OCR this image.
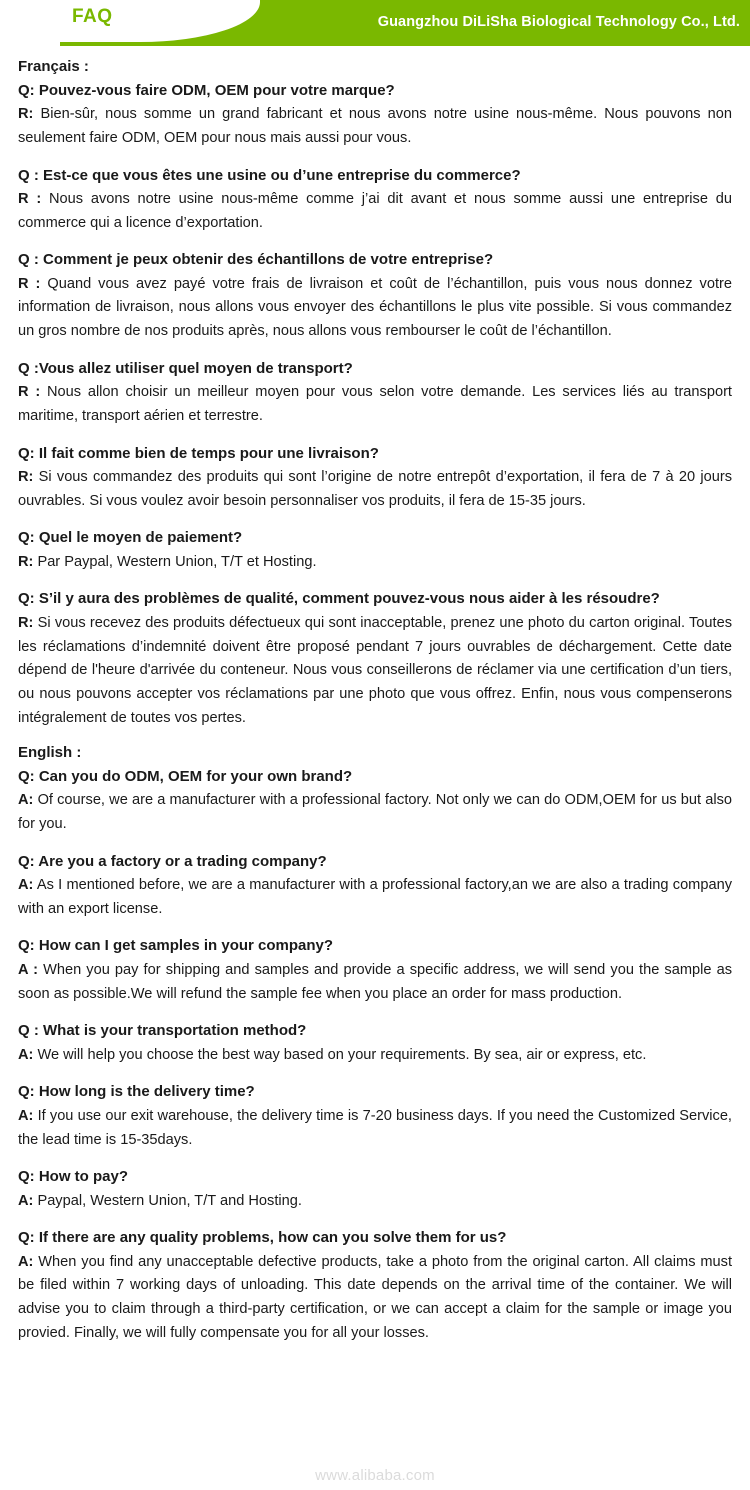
FAQ	Guangzhou DiLiSha Biological Technology Co., Ltd.
Français :

Q: Pouvez-vous faire ODM, OEM pour votre marque?

R: Bien-sûr, nous somme un grand fabricant et nous avons notre usine nous-même. Nous pouvons non seulement faire ODM, OEM pour nous mais aussi pour vous.

Q : Est-ce que vous êtes une usine ou d’une entreprise du commerce?

R : Nous avons notre usine nous-même comme j’ai dit avant et nous somme aussi une entreprise du commerce qui a licence d’exportation.

Q : Comment je peux obtenir des échantillons de votre entreprise?

R : Quand vous avez payé votre frais de livraison et coût de l’échantillon, puis vous nous donnez votre information de livraison, nous allons vous envoyer des échantillons le plus vite possible. Si vous commandez un gros nombre de nos produits après, nous allons vous rembourser le coût de l’échantillon.

Q :Vous allez utiliser quel moyen de transport?

R : Nous allon choisir un meilleur moyen pour vous selon votre demande. Les services liés au transport maritime, transport aérien et terrestre.

Q: Il fait comme bien de temps pour une livraison?

R: Si vous commandez des produits qui sont l’origine de notre entrepôt d’exportation, il fera de 7 à 20 jours ouvrables. Si vous voulez avoir besoin personnaliser vos produits, il fera de 15-35 jours.

Q: Quel le moyen de paiement?

R: Par Paypal, Western Union, T/T et Hosting.

Q: S’il y aura des problèmes de qualité, comment pouvez-vous nous aider à les résoudre?

R: Si vous recevez des produits défectueux qui sont inacceptable, prenez une photo du carton original. Toutes les réclamations d’indemnité doivent être proposé pendant 7 jours ouvrables de déchargement. Cette date dépend de l'heure d'arrivée du conteneur. Nous vous conseillerons de réclamer via une certification d’un tiers, ou nous pouvons accepter vos réclamations par une photo que vous offrez. Enfin, nous vous compenserons intégralement de toutes vos pertes.

English :

Q: Can you do ODM, OEM for your own brand?

A: Of course, we are a manufacturer with a professional factory. Not only we can do ODM,OEM for us but also for you.

Q: Are you a factory or a trading company?

A: As I mentioned before, we are a manufacturer with a professional factory,an we are also a trading company with an export license.

Q: How can I get samples in your company?

A : When you pay for shipping and samples and provide a specific address, we will send you the sample as soon as possible.We will refund the sample fee when you place an order for mass production.

Q : What is your transportation method?

A: We will help you choose the best way based on your requirements. By sea, air or express, etc.

Q: How long is the delivery time?

A: If you use our exit warehouse, the delivery time is 7-20 business days. If you need the Customized Service, the lead time is 15-35days.

Q: How to pay?

A: Paypal, Western Union, T/T and Hosting.

Q: If there are any quality problems, how can you solve them for us?

A: When you find any unacceptable defective products, take a photo from the original carton. All claims must be filed within 7 working days of unloading. This date depends on the arrival time of the container. We will advise you to claim through a third-party certification, or we can accept a claim for the sample or image you provied. Finally, we will fully compensate you for all your losses.

www.alibaba.com
